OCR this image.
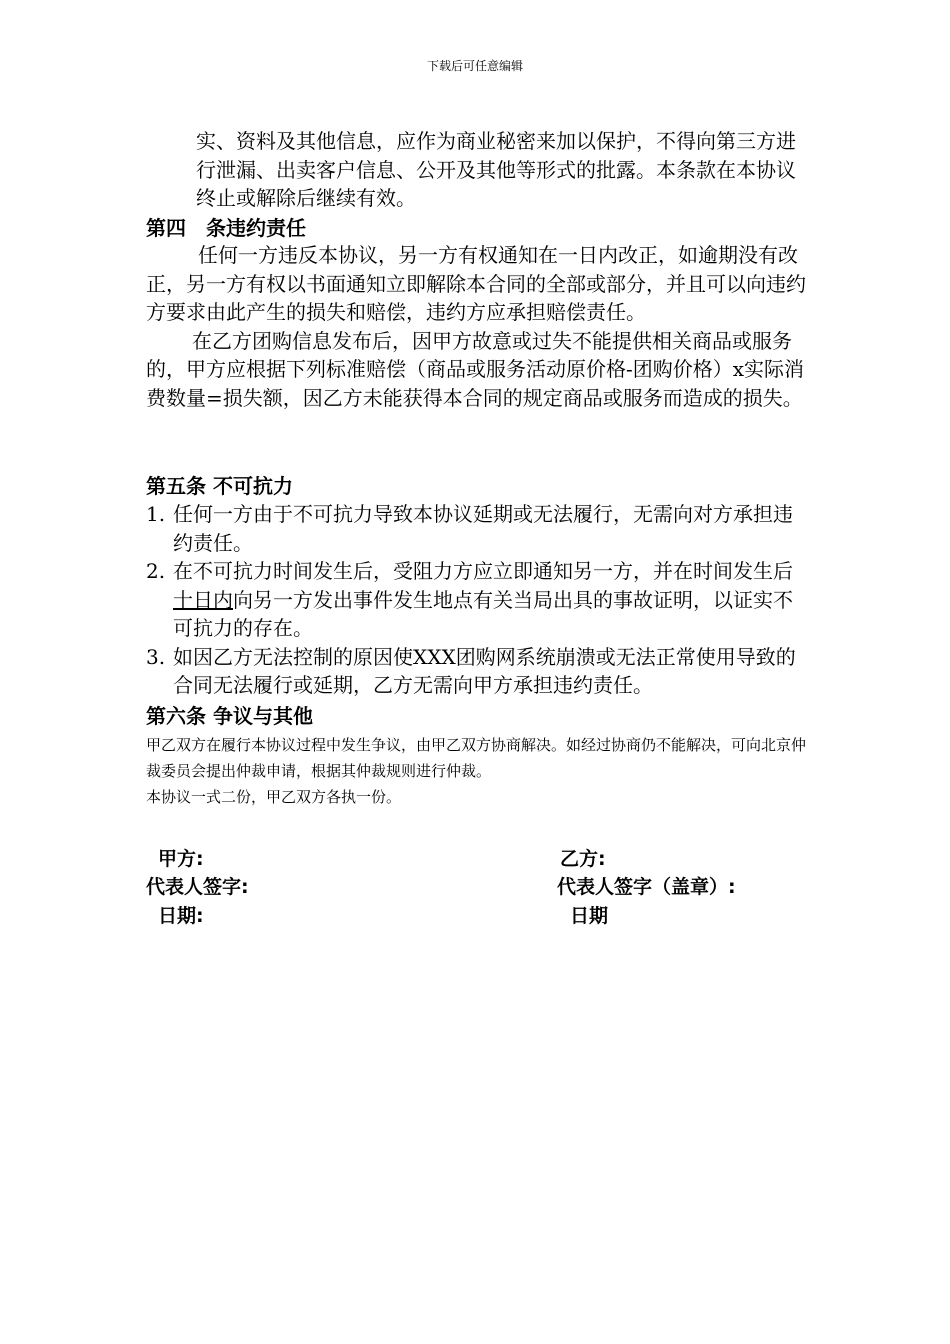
下载后可任意编辑

实、资料及其他信息，应作为商业秘密来加以保护，不得向第三方进行泄漏、出卖客户信息、公开及其他等形式的批露。本条款在本协议终止或解除后继续有效。

第四　条违约责任

任何一方违反本协议，另一方有权通知在一日内改正，如逾期没有改正，另一方有权以书面通知立即解除本合同的全部或部分，并且可以向违约方要求由此产生的损失和赔偿，违约方应承担赔偿责任。

在乙方团购信息发布后，因甲方故意或过失不能提供相关商品或服务的，甲方应根据下列标准赔偿（商品或服务活动原价格-团购价格）x实际消费数量=损失额，因乙方未能获得本合同的规定商品或服务而造成的损失。

第五条 不可抗力
1. 任何一方由于不可抗力导致本协议延期或无法履行，无需向对方承担违约责任。
2. 在不可抗力时间发生后，受阻力方应立即通知另一方，并在时间发生后十日内向另一方发出事件发生地点有关当局出具的事故证明，以证实不可抗力的存在。
3. 如因乙方无法控制的原因使XXX团购网系统崩溃或无法正常使用导致的合同无法履行或延期，乙方无需向甲方承担违约责任。
第六条 争议与其他

甲乙双方在履行本协议过程中发生争议，由甲乙双方协商解决。如经过协商仍不能解决，可向北京仲裁委员会提出仲裁申请，根据其仲裁规则进行仲裁。

本协议一式二份，甲乙双方各执一份。

甲方:
代表人签字:
日期:
乙方:
代表人签字（盖章）:
日期
